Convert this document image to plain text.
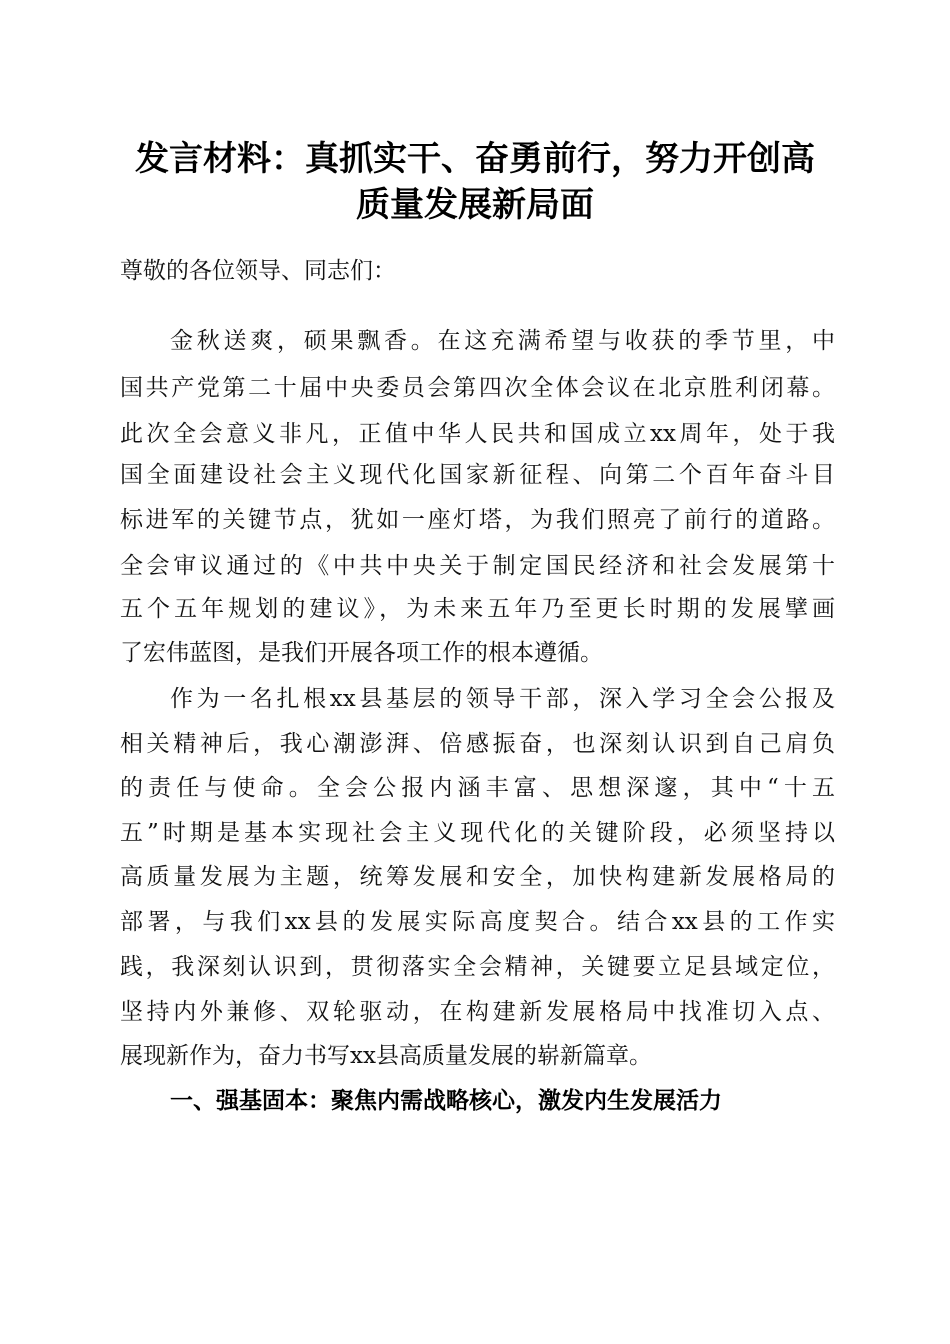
发言材料：真抓实干、奋勇前行，努力开创高
质量发展新局面

尊敬的各位领导、同志们：

金秋送爽，硕果飘香。在这充满希望与收获的季节里，中

国共产党第二十届中央委员会第四次全体会议在北京胜利闭幕。

此次全会意义非凡，正值中华人民共和国成立xx周年，处于我

国全面建设社会主义现代化国家新征程、向第二个百年奋斗目

标进军的关键节点，犹如一座灯塔，为我们照亮了前行的道路。

全会审议通过的《中共中央关于制定国民经济和社会发展第十

五个五年规划的建议》，为未来五年乃至更长时期的发展擘画

了宏伟蓝图，是我们开展各项工作的根本遵循。

作为一名扎根xx县基层的领导干部，深入学习全会公报及

相关精神后，我心潮澎湃、倍感振奋，也深刻认识到自己肩负

的责任与使命。全会公报内涵丰富、思想深邃，其中“十五

五”时期是基本实现社会主义现代化的关键阶段，必须坚持以

高质量发展为主题，统筹发展和安全，加快构建新发展格局的

部署，与我们xx县的发展实际高度契合。结合xx县的工作实

践，我深刻认识到，贯彻落实全会精神，关键要立足县域定位，

坚持内外兼修、双轮驱动，在构建新发展格局中找准切入点、

展现新作为，奋力书写xx县高质量发展的崭新篇章。

一、强基固本：聚焦内需战略核心，激发内生发展活力
